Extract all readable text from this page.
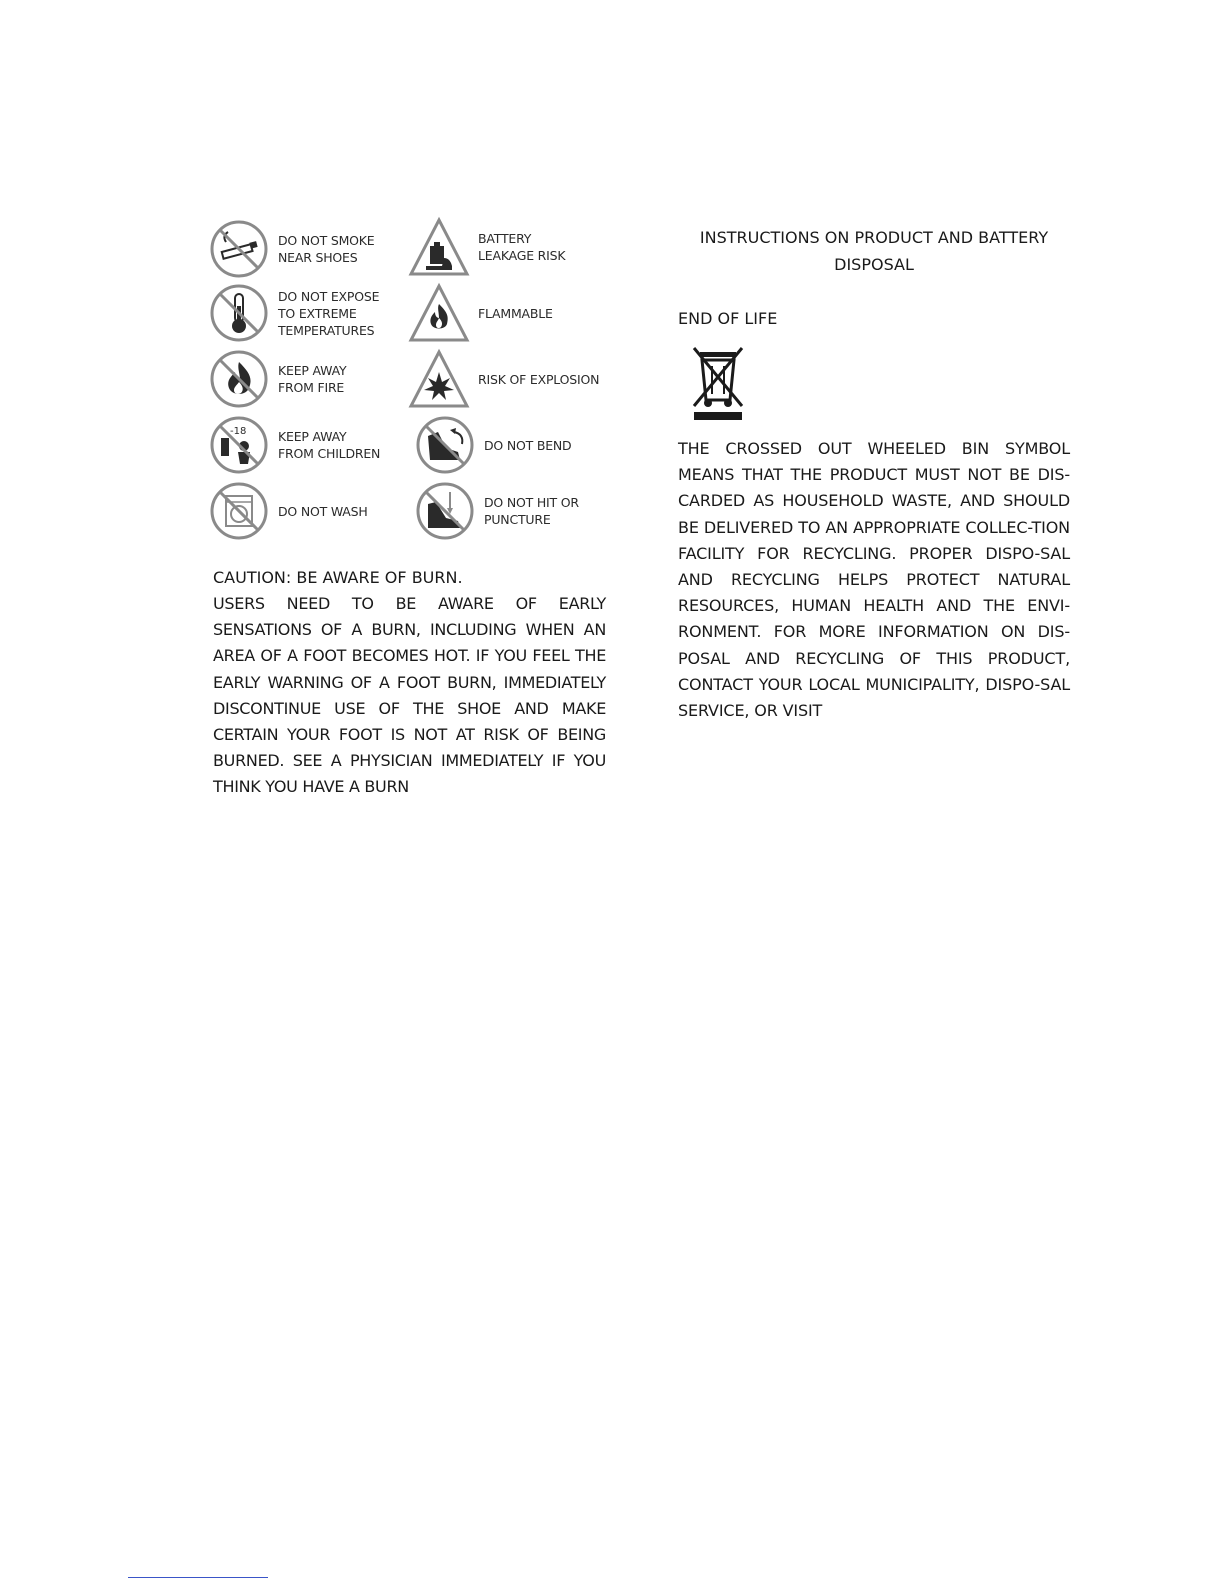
DO NOT SMOKE
NEAR SHOES
BATTERY
LEAKAGE RISK
DO NOT EXPOSE
TO EXTREME
TEMPERATURES
FLAMMABLE
KEEP AWAY
FROM FIRE
RISK OF EXPLOSION
-18	KEEP AWAY
FROM CHILDREN
DO NOT BEND
DO NOT WASH
DO NOT HIT OR
PUNCTURE

CAUTION: BE AWARE OF BURN.

USERS NEED TO BE AWARE OF EARLY SENSATIONS OF A BURN, INCLUDING WHEN AN AREA OF A FOOT BECOMES HOT. IF YOU FEEL THE EARLY WARNING OF A FOOT BURN, IMMEDIATELY DISCONTINUE USE OF THE SHOE AND MAKE CERTAIN YOUR FOOT IS NOT AT RISK OF BEING BURNED. SEE A PHYSICIAN IMMEDIATELY IF YOU THINK YOU HAVE A BURN

INSTRUCTIONS ON PRODUCT AND BATTERY
DISPOSAL

END OF LIFE

THE CROSSED OUT WHEELED BIN SYMBOL MEANS THAT THE PRODUCT MUST NOT BE DIS-CARDED AS HOUSEHOLD WASTE, AND SHOULD BE DELIVERED TO AN APPROPRIATE COLLEC-TION FACILITY FOR RECYCLING. PROPER DISPO-SAL AND RECYCLING HELPS PROTECT NATURAL RESOURCES, HUMAN HEALTH AND THE ENVI-RONMENT. FOR MORE INFORMATION ON DIS-POSAL AND RECYCLING OF THIS PRODUCT, CONTACT YOUR LOCAL MUNICIPALITY, DISPO-SAL SERVICE, OR VISIT
